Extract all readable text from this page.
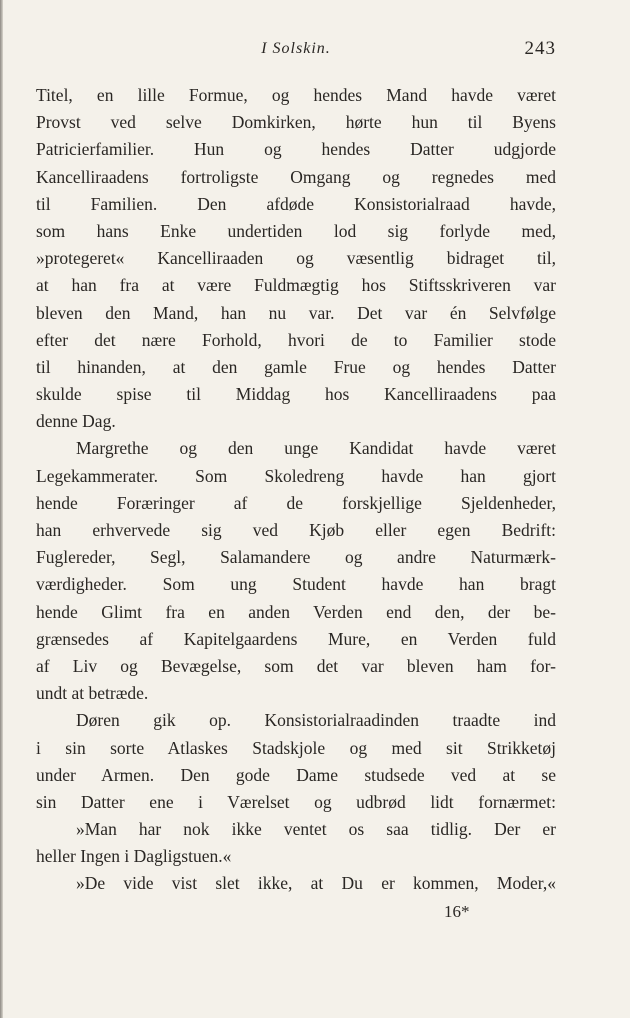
I Solskin.	243
Titel, en lille Formue, og hendes Mand havde været
Provst ved selve Domkirken, hørte hun til Byens
Patricierfamilier. Hun og hendes Datter udgjorde
Kancelliraadens fortroligste Omgang og regnedes med
til Familien. Den afdøde Konsistorialraad havde,
som hans Enke undertiden lod sig forlyde med,
»protegeret« Kancelliraaden og væsentlig bidraget til,
at han fra at være Fuldmægtig hos Stiftsskriveren var
bleven den Mand, han nu var. Det var én Selvfølge
efter det nære Forhold, hvori de to Familier stode
til hinanden, at den gamle Frue og hendes Datter
skulde spise til Middag hos Kancelliraadens paa
denne Dag.
Margrethe og den unge Kandidat havde været
Legekammerater. Som Skoledreng havde han gjort
hende Foræringer af de forskjellige Sjeldenheder,
han erhvervede sig ved Kjøb eller egen Bedrift:
Fuglereder, Segl, Salamandere og andre Naturmærk-
værdigheder. Som ung Student havde han bragt
hende Glimt fra en anden Verden end den, der be-
grænsedes af Kapitelgaardens Mure, en Verden fuld
af Liv og Bevægelse, som det var bleven ham for-
undt at betræde.
Døren gik op. Konsistorialraadinden traadte ind
i sin sorte Atlaskes Stadskjole og med sit Strikketøj
under Armen. Den gode Dame studsede ved at se
sin Datter ene i Værelset og udbrød lidt fornærmet:
»Man har nok ikke ventet os saa tidlig. Der er
heller Ingen i Dagligstuen.«
»De vide vist slet ikke, at Du er kommen, Moder,«
16*
